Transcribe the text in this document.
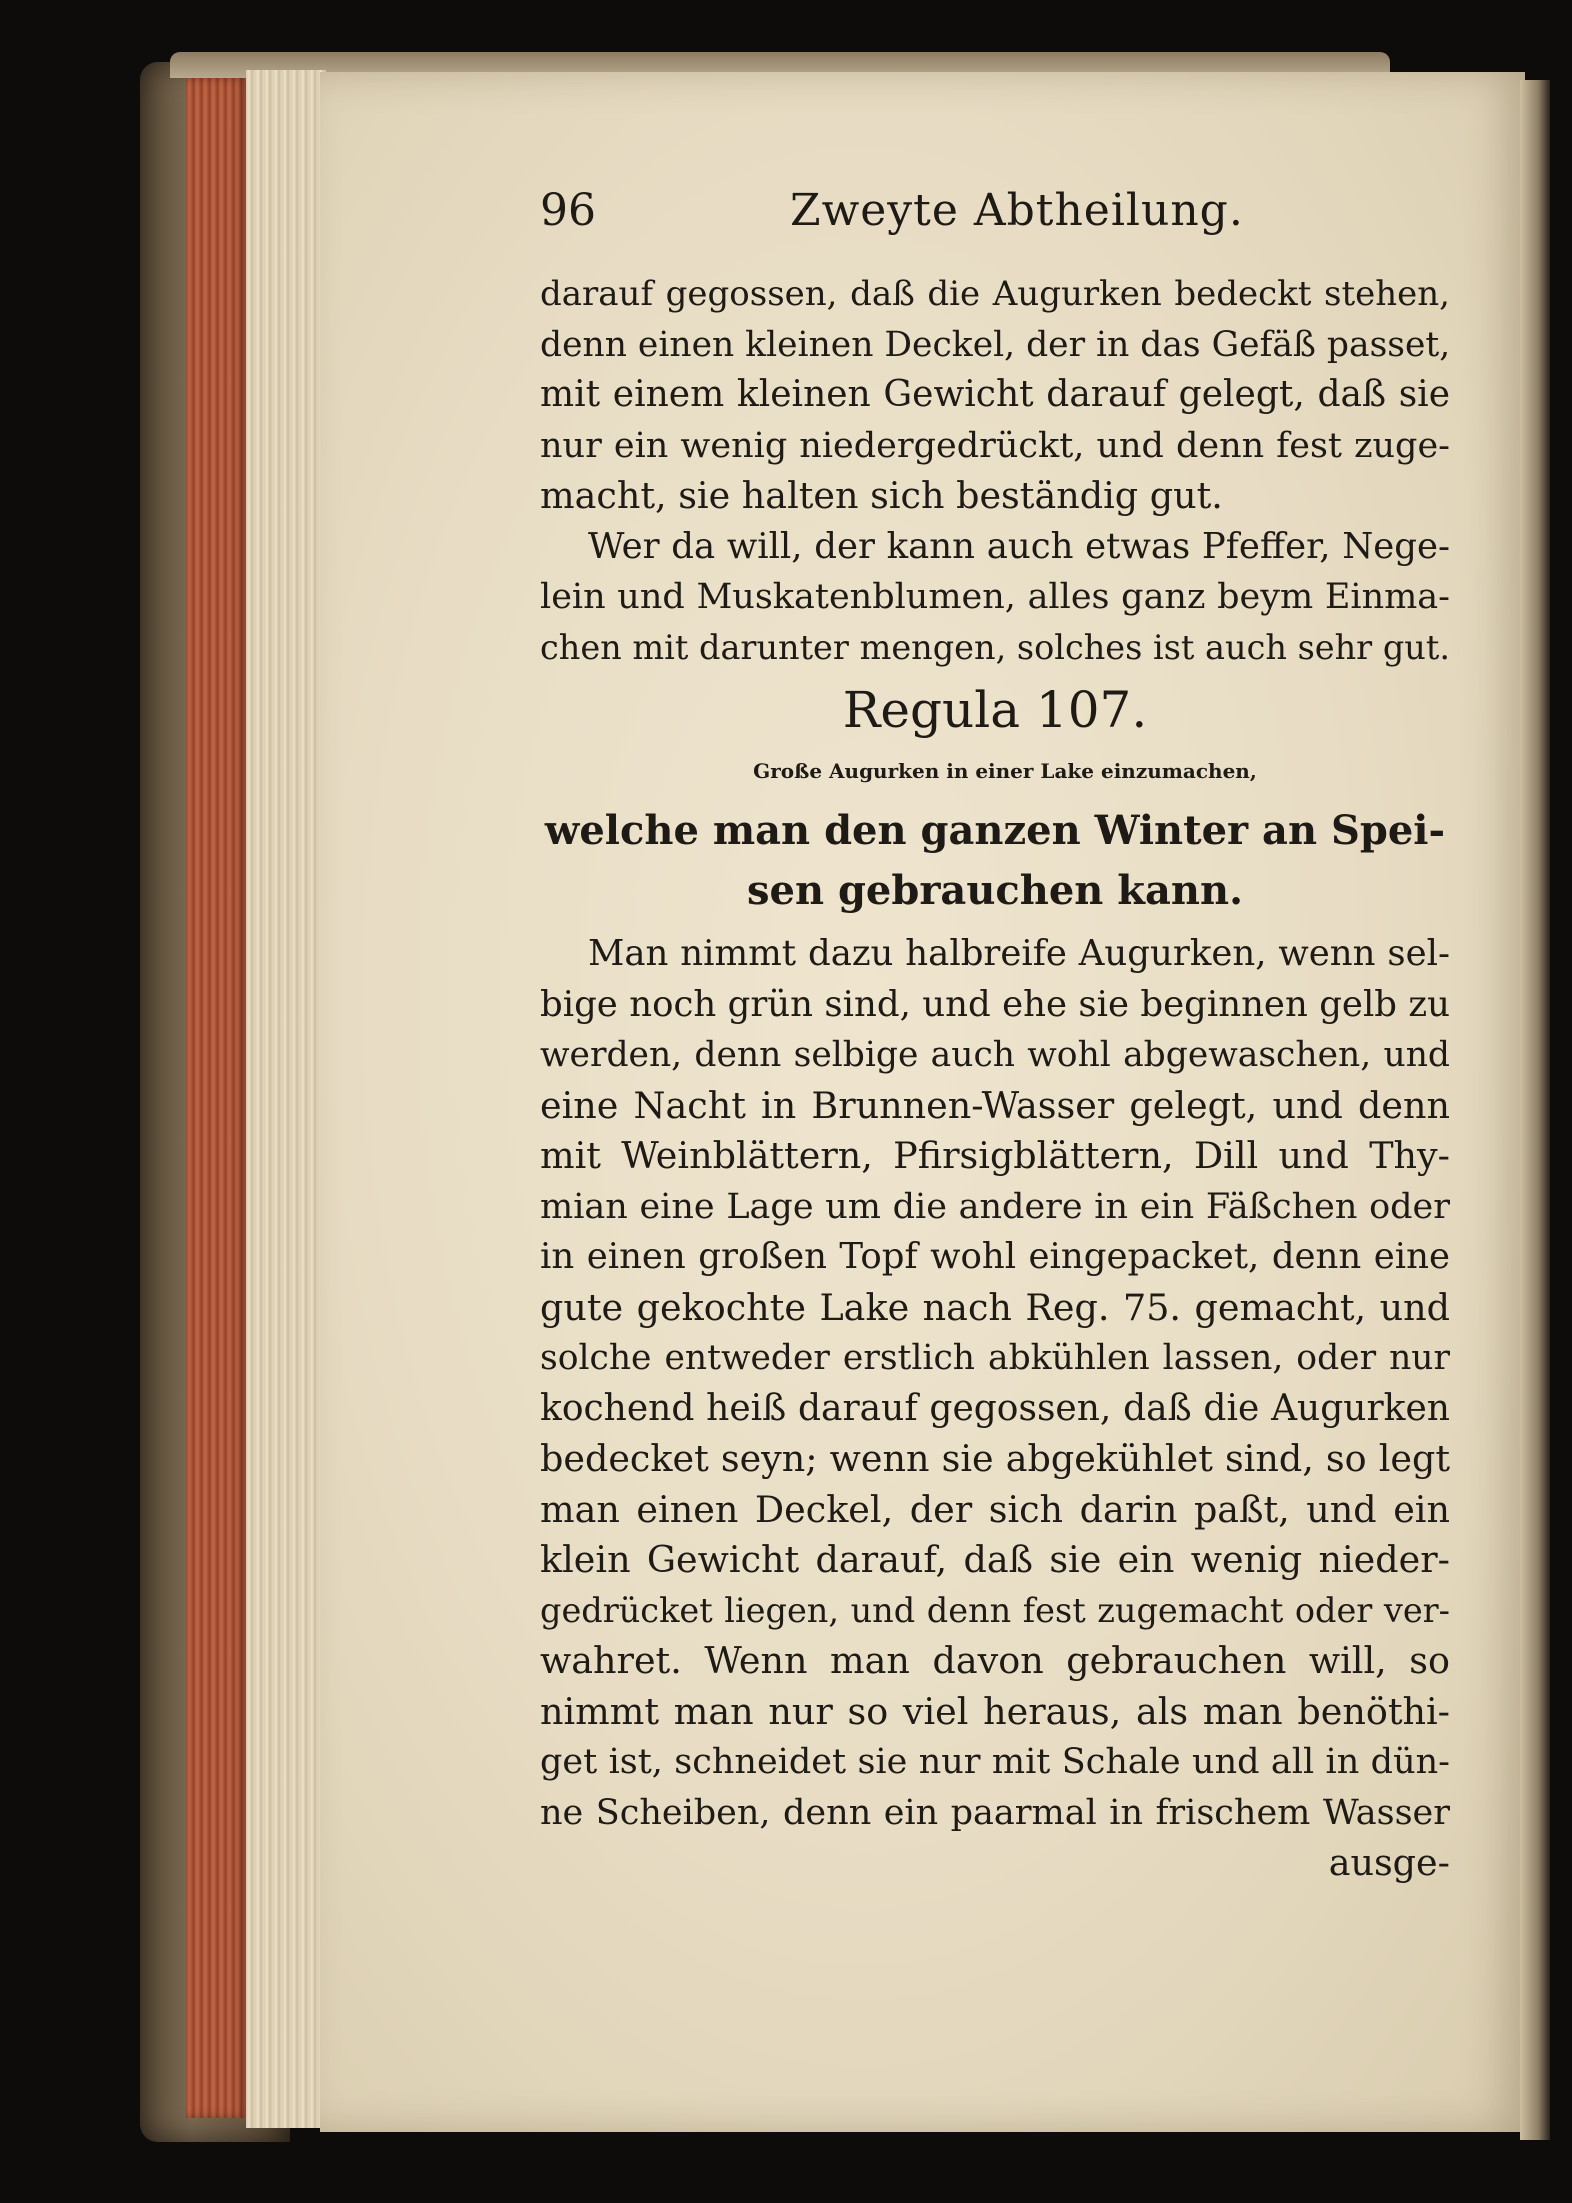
96	Zweyte Abtheilung.
darauf gegossen, daß die Augurken bedeckt stehen,
denn einen kleinen Deckel, der in das Gefäß passet,
mit einem kleinen Gewicht darauf gelegt, daß sie
nur ein wenig niedergedrückt, und denn fest zuge-
macht, sie halten sich beständig gut.
Wer da will, der kann auch etwas Pfeffer, Nege-
lein und Muskatenblumen, alles ganz beym Einma-
chen mit darunter mengen, solches ist auch sehr gut.
Regula 107.
Große Augurken in einer Lake einzumachen,
welche man den ganzen Winter an Spei-
sen gebrauchen kann.
Man nimmt dazu halbreife Augurken, wenn sel-
bige noch grün sind, und ehe sie beginnen gelb zu
werden, denn selbige auch wohl abgewaschen, und
eine Nacht in Brunnen-Wasser gelegt, und denn
mit Weinblättern, Pfirsigblättern, Dill und Thy-
mian eine Lage um die andere in ein Fäßchen oder
in einen großen Topf wohl eingepacket, denn eine
gute gekochte Lake nach Reg. 75. gemacht, und
solche entweder erstlich abkühlen lassen, oder nur
kochend heiß darauf gegossen, daß die Augurken
bedecket seyn; wenn sie abgekühlet sind, so legt
man einen Deckel, der sich darin paßt, und ein
klein Gewicht darauf, daß sie ein wenig nieder-
gedrücket liegen, und denn fest zugemacht oder ver-
wahret. Wenn man davon gebrauchen will, so
nimmt man nur so viel heraus, als man benöthi-
get ist, schneidet sie nur mit Schale und all in dün-
ne Scheiben, denn ein paarmal in frischem Wasser
ausge-
